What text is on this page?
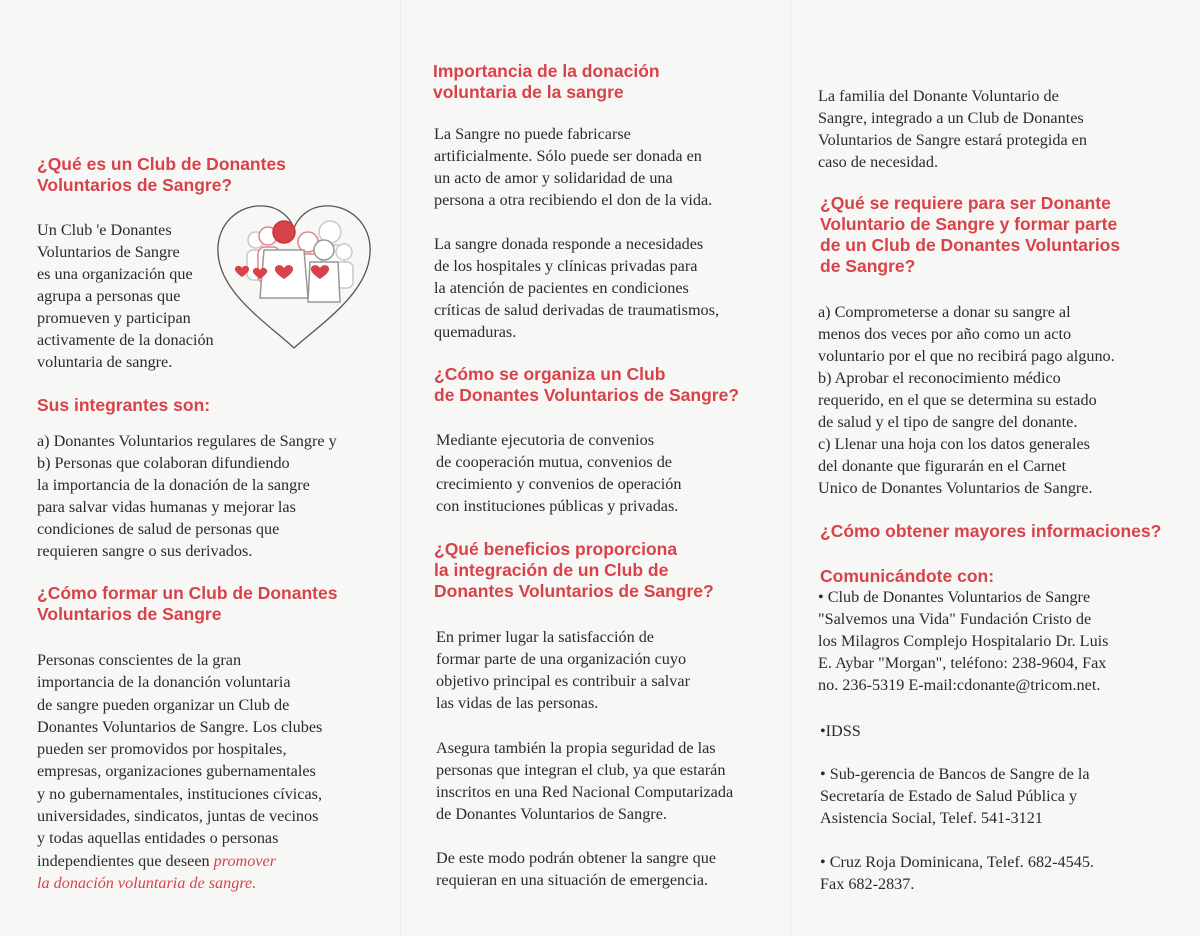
¿Qué es un Club de Donantes
Voluntarios de Sangre?

Un Club 'e Donantes
Voluntarios de Sangre
es una organización que
agrupa a personas que
promueven y participan
activamente de la donación
voluntaria de sangre.

Sus integrantes son:

a) Donantes Voluntarios regulares de Sangre y
b) Personas que colaboran difundiendo
la importancia de la donación de la sangre
para salvar vidas humanas y mejorar las
condiciones de salud de personas que
requieren sangre o sus derivados.

¿Cómo formar un Club de Donantes
Voluntarios de Sangre

Personas conscientes de la gran
importancia de la donanción voluntaria
de sangre pueden organizar un Club de
Donantes Voluntarios de Sangre. Los clubes
pueden ser promovidos por hospitales,
empresas, organizaciones gubernamentales
y no gubernamentales, instituciones cívicas,
universidades, sindicatos, juntas de vecinos
y todas aquellas entidades o personas
independientes que deseen promover
la donación voluntaria de sangre.

Importancia de la donación
voluntaria de la sangre

La Sangre no puede fabricarse
artificialmente. Sólo puede ser donada en
un acto de amor y solidaridad de una
persona a otra recibiendo el don de la vida.

La sangre donada responde a necesidades
de los hospitales y clínicas privadas para
la atención de pacientes en condiciones
críticas de salud derivadas de traumatismos,
quemaduras.

¿Cómo se organiza un Club
de Donantes Voluntarios de Sangre?

Mediante ejecutoria de convenios
de cooperación mutua, convenios de
crecimiento y convenios de operación
con instituciones públicas y privadas.

¿Qué beneficios proporciona
la integración de un Club de
Donantes Voluntarios de Sangre?

En primer lugar la satisfacción de
formar parte de una organización cuyo
objetivo principal es contribuir a salvar
las vidas de las personas.

Asegura también la propia seguridad de las
personas que integran el club, ya que estarán
inscritos en una Red Nacional Computarizada
de Donantes Voluntarios de Sangre.

De este modo podrán obtener la sangre que
requieran en una situación de emergencia.

La familia del Donante Voluntario de
Sangre, integrado a un Club de Donantes
Voluntarios de Sangre estará protegida en
caso de necesidad.

¿Qué se requiere para ser Donante
Voluntario de Sangre y formar parte
de un Club de Donantes Voluntarios
de Sangre?

a) Comprometerse a donar su sangre al
menos dos veces por año como un acto
voluntario por el que no recibirá pago alguno.
b) Aprobar el reconocimiento médico
requerido, en el que se determina su estado
de salud y el tipo de sangre del donante.
c) Llenar una hoja con los datos generales
del donante que figurarán en el Carnet
Unico de Donantes Voluntarios de Sangre.

¿Cómo obtener mayores informaciones?
Comunicándote con:

• Club de Donantes Voluntarios de Sangre
"Salvemos una Vida" Fundación Cristo de
los Milagros Complejo Hospitalario Dr. Luis
E. Aybar "Morgan", teléfono: 238-9604, Fax
no. 236-5319 E-mail:cdonante@tricom.net.

•IDSS

• Sub-gerencia de Bancos de Sangre de la
Secretaría de Estado de Salud Pública y
Asistencia Social, Telef. 541-3121

• Cruz Roja Dominicana, Telef. 682-4545.
Fax 682-2837.
